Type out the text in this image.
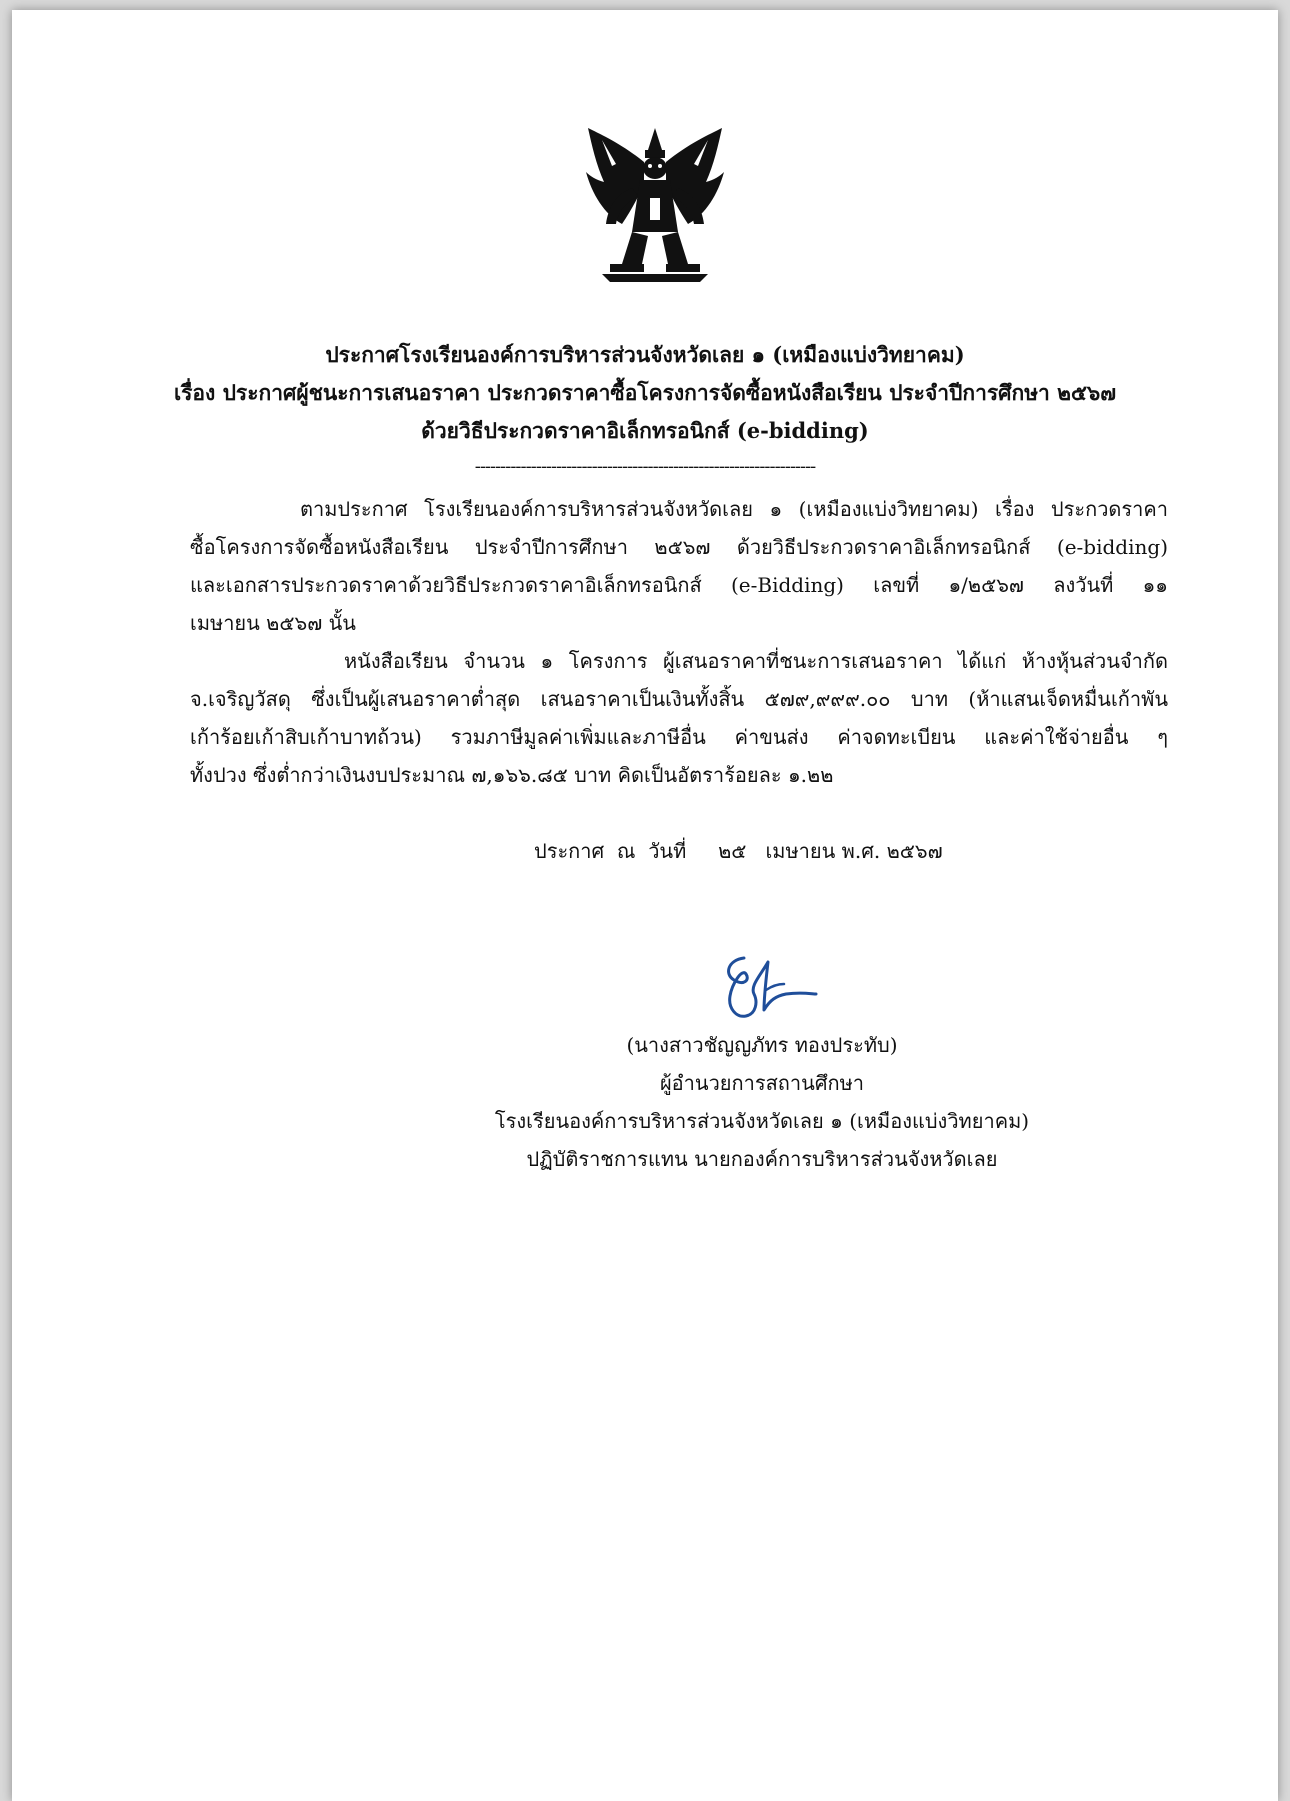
ประกาศโรงเรียนองค์การบริหารส่วนจังหวัดเลย ๑ (เหมืองแบ่งวิทยาคม)
เรื่อง ประกาศผู้ชนะการเสนอราคา ประกวดราคาซื้อโครงการจัดซื้อหนังสือเรียน ประจำปีการศึกษา ๒๕๖๗
ด้วยวิธีประกวดราคาอิเล็กทรอนิกส์ (e-bidding)
-------------------------------------------------------------------
ตามประกาศ โรงเรียนองค์การบริหารส่วนจังหวัดเลย ๑ (เหมืองแบ่งวิทยาคม) เรื่อง ประกวดราคา
ซื้อโครงการจัดซื้อหนังสือเรียน ประจำปีการศึกษา ๒๕๖๗ ด้วยวิธีประกวดราคาอิเล็กทรอนิกส์ (e-bidding)
และเอกสารประกวดราคาด้วยวิธีประกวดราคาอิเล็กทรอนิกส์ (e-Bidding) เลขที่ ๑/๒๕๖๗ ลงวันที่ ๑๑
เมษายน ๒๕๖๗ นั้น
หนังสือเรียน จำนวน ๑ โครงการ ผู้เสนอราคาที่ชนะการเสนอราคา ได้แก่ ห้างหุ้นส่วนจำกัด
จ.เจริญวัสดุ ซึ่งเป็นผู้เสนอราคาต่ำสุด เสนอราคาเป็นเงินทั้งสิ้น ๕๗๙,๙๙๙.๐๐ บาท (ห้าแสนเจ็ดหมื่นเก้าพัน
เก้าร้อยเก้าสิบเก้าบาทถ้วน) รวมภาษีมูลค่าเพิ่มและภาษีอื่น ค่าขนส่ง ค่าจดทะเบียน และค่าใช้จ่ายอื่น ๆ
ทั้งปวง ซึ่งต่ำกว่าเงินงบประมาณ ๗,๑๖๖.๘๕ บาท คิดเป็นอัตราร้อยละ ๑.๒๒
ประกาศ  ณ  วันที่     ๒๕   เมษายน พ.ศ. ๒๕๖๗
(นางสาวชัญญภัทร ทองประทับ)
ผู้อำนวยการสถานศึกษา
โรงเรียนองค์การบริหารส่วนจังหวัดเลย ๑ (เหมืองแบ่งวิทยาคม)
ปฏิบัติราชการแทน นายกองค์การบริหารส่วนจังหวัดเลย
